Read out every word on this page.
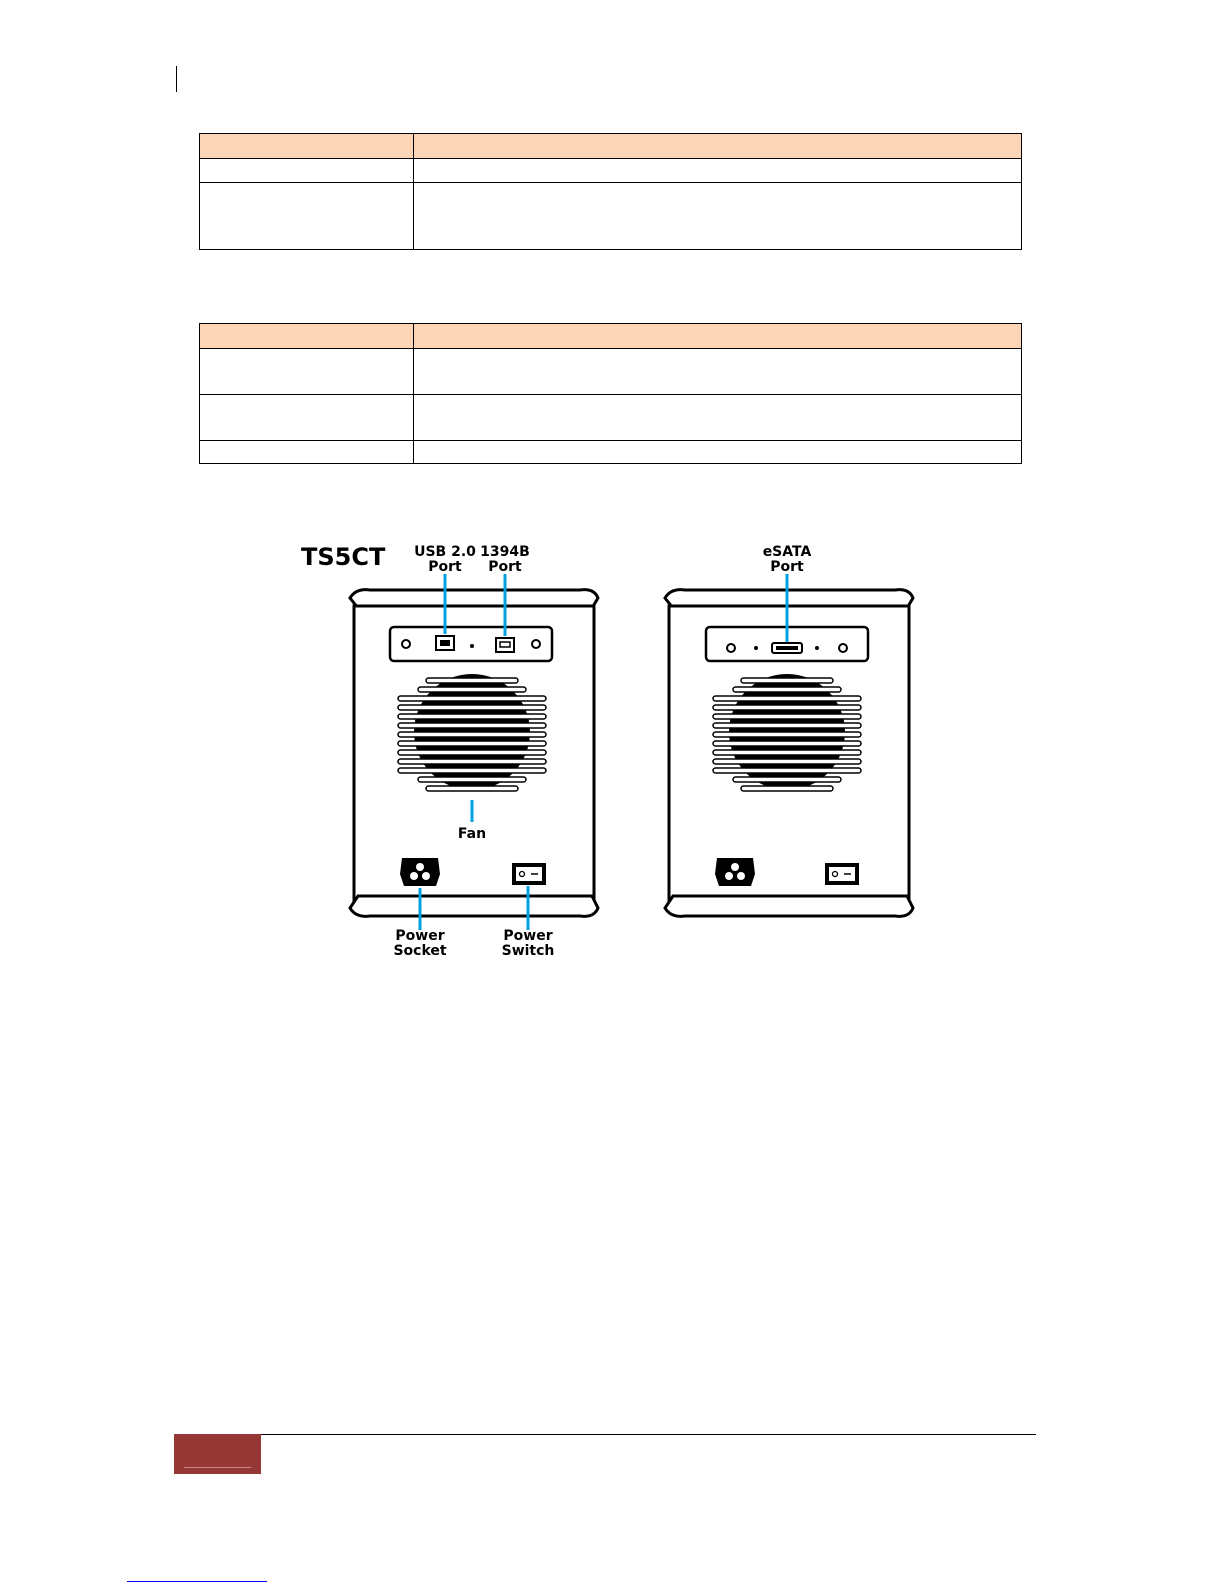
TS5CT USB 2.0
Port
1394B
Port
Fan
Power
Socket
Power
Switch
eSATA
Port
